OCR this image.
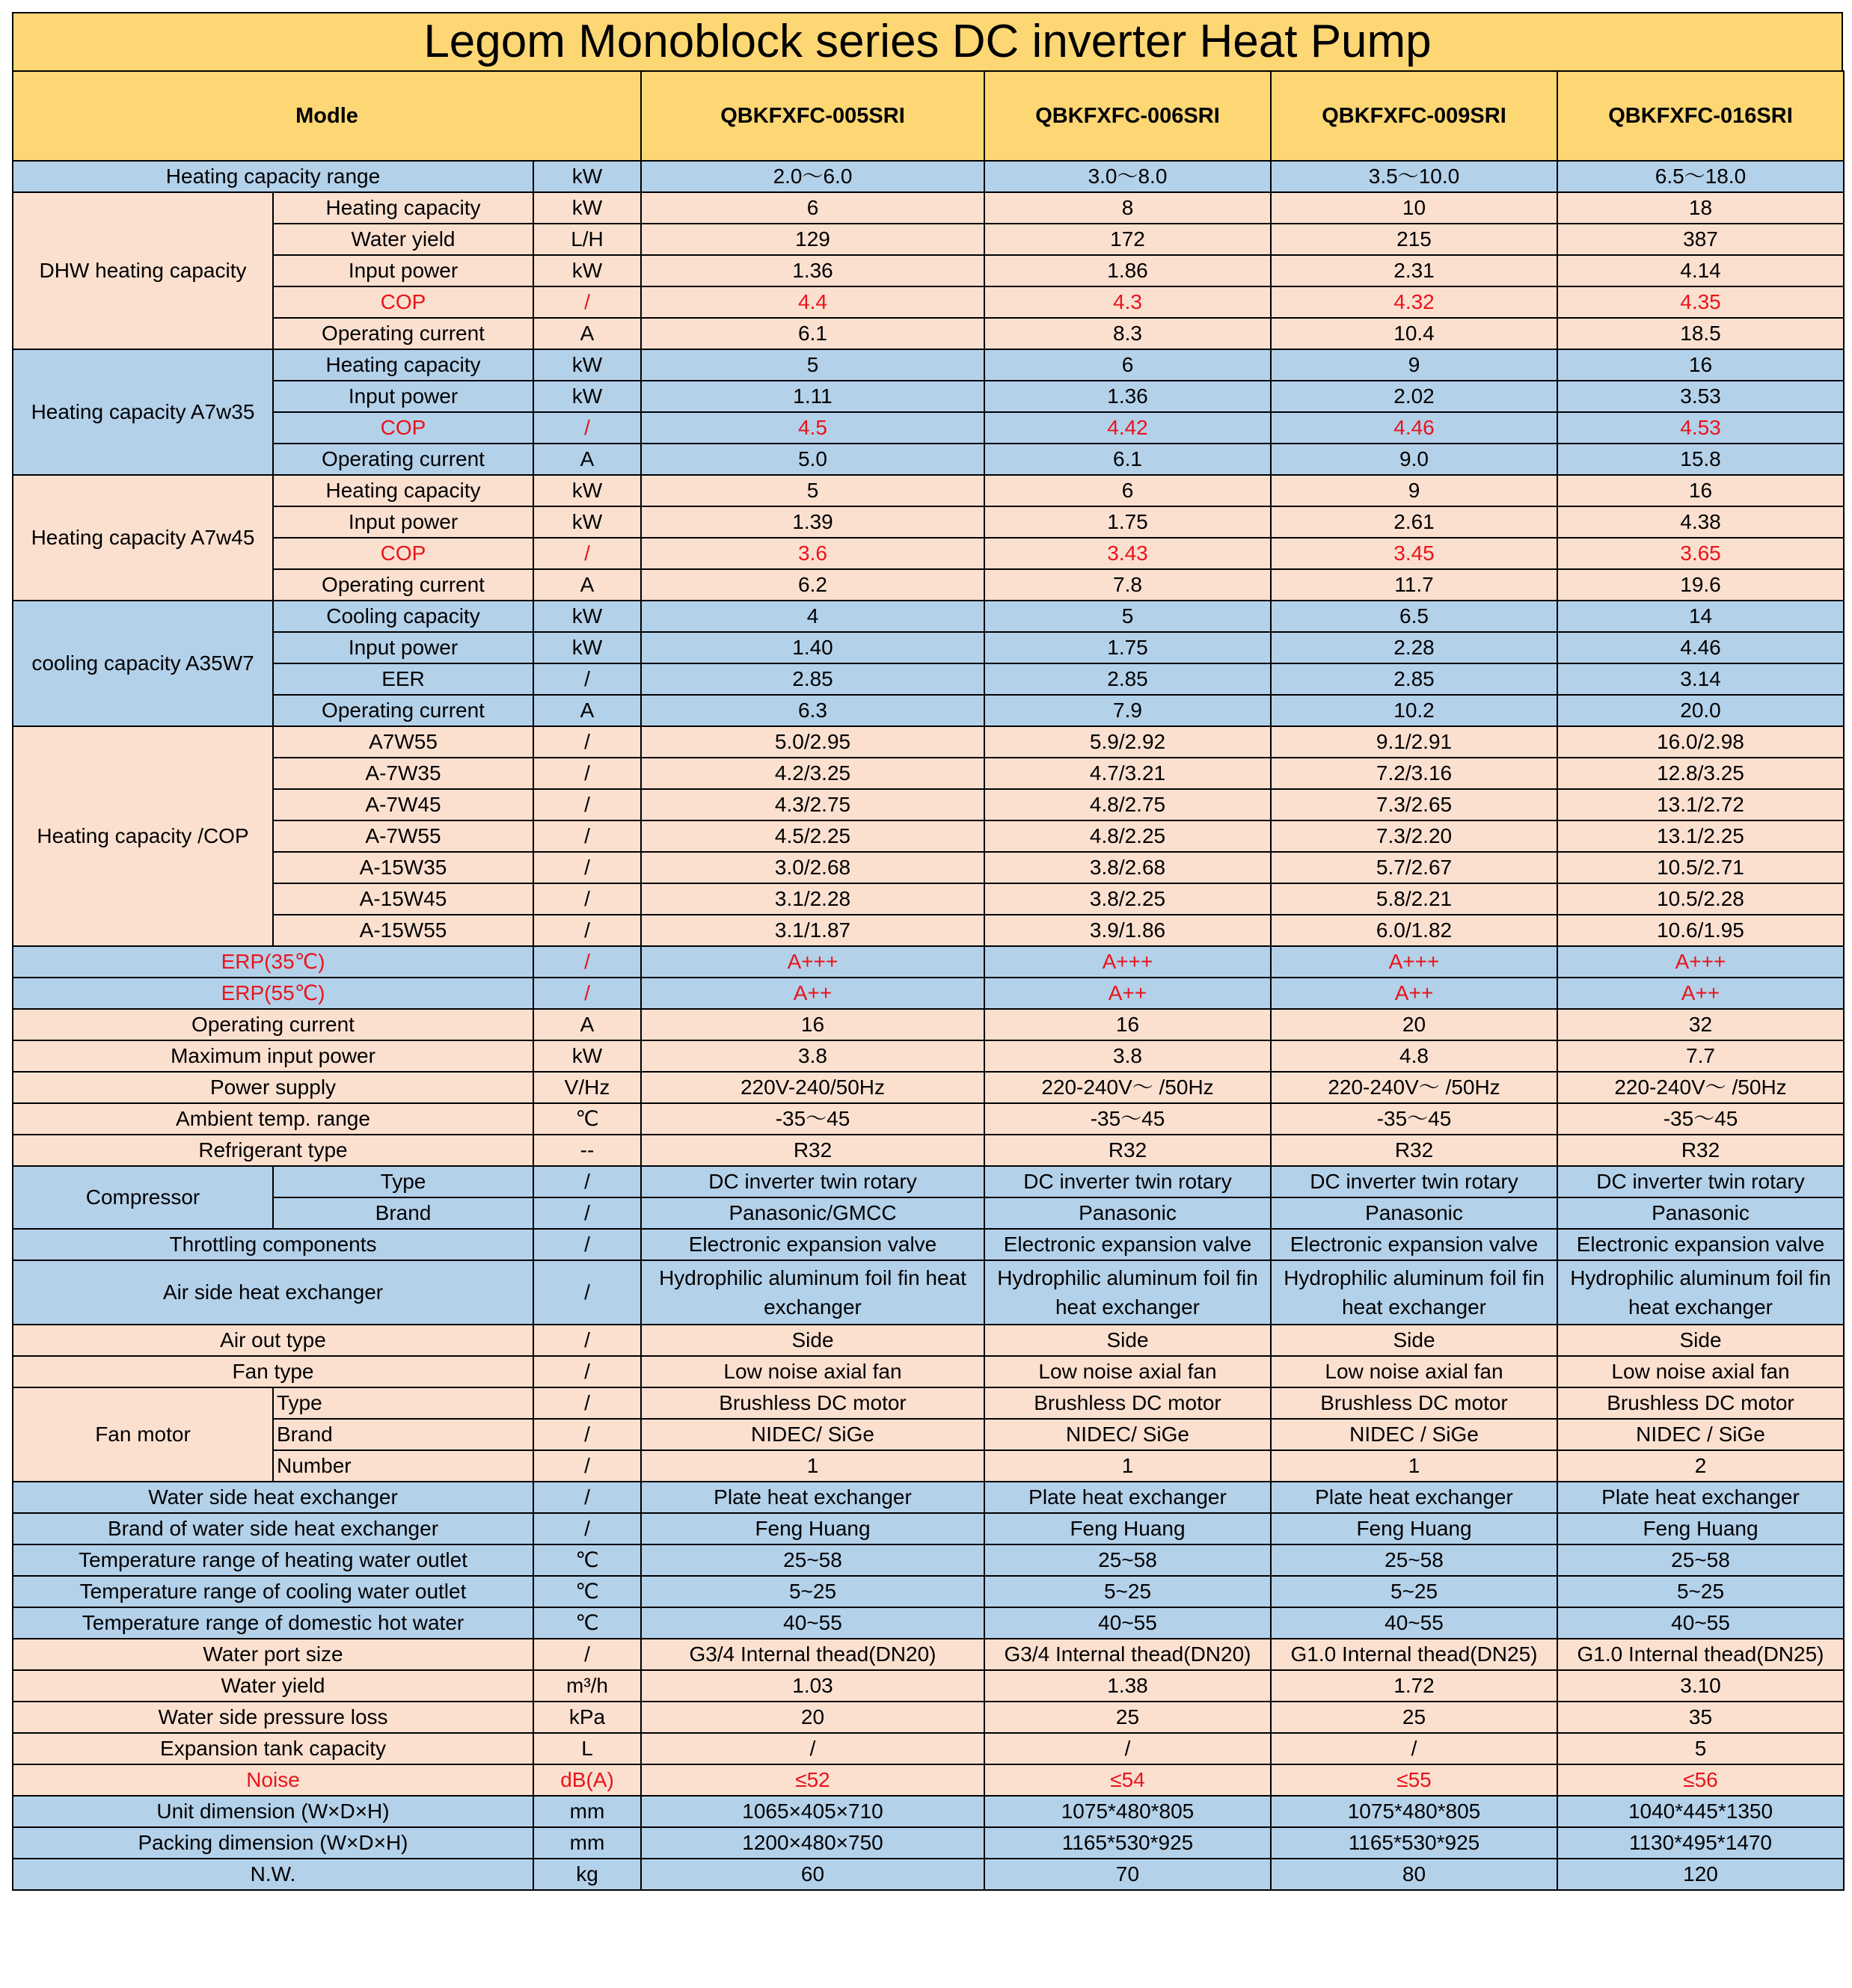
Legom Monoblock series DC inverter Heat Pump
Modle			QBKFXFC-005SRI	QBKFXFC-006SRI	QBKFXFC-009SRI	QBKFXFC-016SRI
Heating capacity range		kW	2.0～6.0	3.0～8.0	3.5～10.0	6.5～18.0
DHW heating capacity	Heating capacity	kW	6	8	10	18
	Water yield	L/H	129	172	215	387
	Input power	kW	1.36	1.86	2.31	4.14
	COP	/	4.4	4.3	4.32	4.35
	Operating current	A	6.1	8.3	10.4	18.5
Heating capacity A7w35	Heating capacity	kW	5	6	9	16
	Input power	kW	1.11	1.36	2.02	3.53
	COP	/	4.5	4.42	4.46	4.53
	Operating current	A	5.0	6.1	9.0	15.8
Heating capacity A7w45	Heating capacity	kW	5	6	9	16
	Input power	kW	1.39	1.75	2.61	4.38
	COP	/	3.6	3.43	3.45	3.65
	Operating current	A	6.2	7.8	11.7	19.6
cooling capacity A35W7	Cooling capacity	kW	4	5	6.5	14
	Input power	kW	1.40	1.75	2.28	4.46
	EER	/	2.85	2.85	2.85	3.14
	Operating current	A	6.3	7.9	10.2	20.0
Heating capacity /COP	A7W55	/	5.0/2.95	5.9/2.92	9.1/2.91	16.0/2.98
	A-7W35	/	4.2/3.25	4.7/3.21	7.2/3.16	12.8/3.25
	A-7W45	/	4.3/2.75	4.8/2.75	7.3/2.65	13.1/2.72
	A-7W55	/	4.5/2.25	4.8/2.25	7.3/2.20	13.1/2.25
	A-15W35	/	3.0/2.68	3.8/2.68	5.7/2.67	10.5/2.71
	A-15W45	/	3.1/2.28	3.8/2.25	5.8/2.21	10.5/2.28
	A-15W55	/	3.1/1.87	3.9/1.86	6.0/1.82	10.6/1.95
ERP(35℃)		/	A+++	A+++	A+++	A+++
ERP(55℃)		/	A++	A++	A++	A++
Operating current		A	16	16	20	32
Maximum input power		kW	3.8	3.8	4.8	7.7
Power supply		V/Hz	220V-240/50Hz	220-240V～ /50Hz	220-240V～ /50Hz	220-240V～ /50Hz
Ambient temp. range		℃	-35～45	-35～45	-35～45	-35～45
Refrigerant type		--	R32	R32	R32	R32
Compressor	Type	/	DC inverter twin rotary	DC inverter twin rotary	DC inverter twin rotary	DC inverter twin rotary
	Brand	/	Panasonic/GMCC	Panasonic	Panasonic	Panasonic
Throttling components		/	Electronic expansion valve	Electronic expansion valve	Electronic expansion valve	Electronic expansion valve
Air side heat exchanger		/	Hydrophilic aluminum foil fin heat exchanger	Hydrophilic aluminum foil fin heat exchanger	Hydrophilic aluminum foil fin heat exchanger	Hydrophilic aluminum foil fin heat exchanger
Air out type		/	Side	Side	Side	Side
Fan type		/	Low noise axial fan	Low noise axial fan	Low noise axial fan	Low noise axial fan
Fan motor	Type	/	Brushless DC motor	Brushless DC motor	Brushless DC motor	Brushless DC motor
	Brand	/	NIDEC/ SiGe	NIDEC/ SiGe	NIDEC / SiGe	NIDEC / SiGe
	Number	/	1	1	1	2
Water side heat exchanger		/	Plate heat exchanger	Plate heat exchanger	Plate heat exchanger	Plate heat exchanger
Brand of water side heat exchanger		/	Feng Huang	Feng Huang	Feng Huang	Feng Huang
Temperature range of heating water outlet		℃	25~58	25~58	25~58	25~58
Temperature range of cooling water outlet		℃	5~25	5~25	5~25	5~25
Temperature range of domestic hot water		℃	40~55	40~55	40~55	40~55
Water port size		/	G3/4 Internal thead(DN20)	G3/4 Internal thead(DN20)	G1.0 Internal thead(DN25)	G1.0 Internal thead(DN25)
Water yield		m³/h	1.03	1.38	1.72	3.10
Water side pressure loss		kPa	20	25	25	35
Expansion tank capacity		L	/	/	/	5
Noise		dB(A)	≤52	≤54	≤55	≤56
Unit dimension (W×D×H)		mm	1065×405×710	1075*480*805	1075*480*805	1040*445*1350
Packing dimension (W×D×H)		mm	1200×480×750	1165*530*925	1165*530*925	1130*495*1470
N.W.		kg	60	70	80	120
